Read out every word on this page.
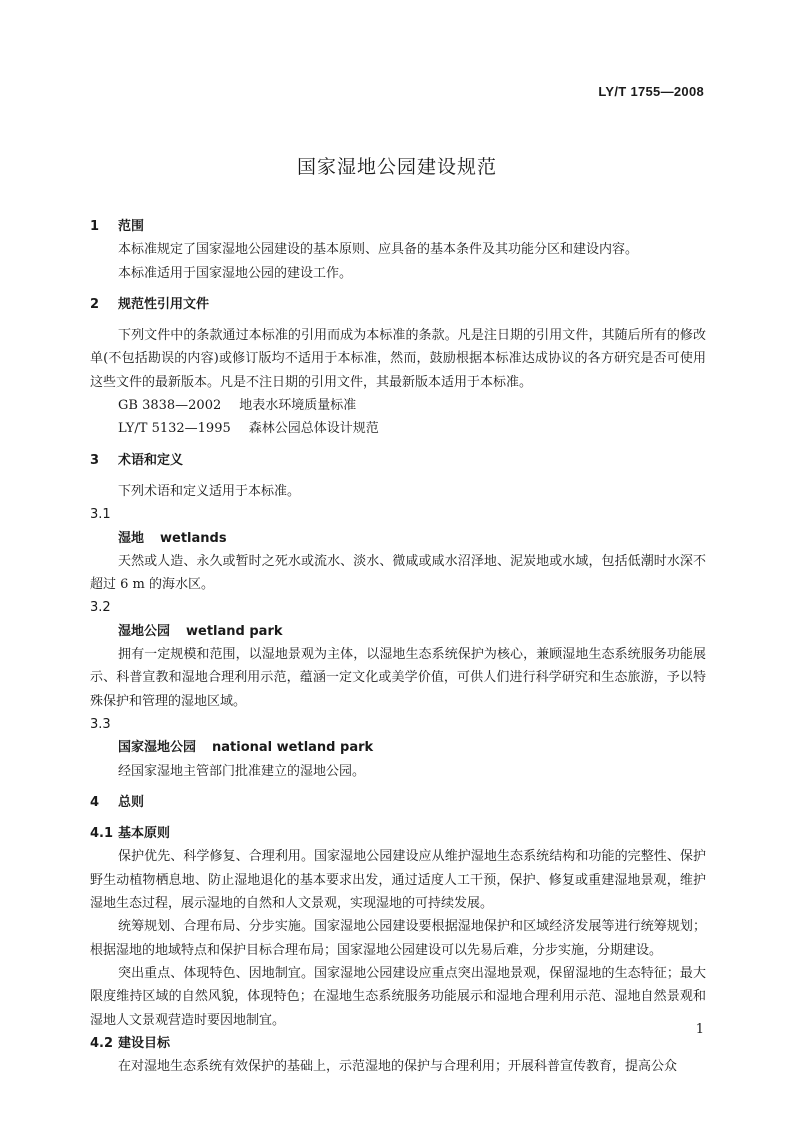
LY/T 1755—2008
国家湿地公园建设规范
1 范围

本标准规定了国家湿地公园建设的基本原则、应具备的基本条件及其功能分区和建设内容。

本标准适用于国家湿地公园的建设工作。

2 规范性引用文件

下列文件中的条款通过本标准的引用而成为本标准的条款。凡是注日期的引用文件，其随后所有的修改单(不包括勘误的内容)或修订版均不适用于本标准，然而，鼓励根据本标准达成协议的各方研究是否可使用这些文件的最新版本。凡是不注日期的引用文件，其最新版本适用于本标准。

GB 3838—2002 地表水环境质量标准
LY/T 5132—1995 森林公园总体设计规范
3 术语和定义

下列术语和定义适用于本标准。

3.1
湿地 wetlands

天然或人造、永久或暂时之死水或流水、淡水、微咸或咸水沼泽地、泥炭地或水域，包括低潮时水深不超过 6 m 的海水区。

3.2
湿地公园 wetland park

拥有一定规模和范围，以湿地景观为主体，以湿地生态系统保护为核心，兼顾湿地生态系统服务功能展示、科普宣教和湿地合理利用示范，蕴涵一定文化或美学价值，可供人们进行科学研究和生态旅游，予以特殊保护和管理的湿地区域。

3.3
国家湿地公园 national wetland park

经国家湿地主管部门批准建立的湿地公园。

4 总则
4.1 基本原则

保护优先、科学修复、合理利用。国家湿地公园建设应从维护湿地生态系统结构和功能的完整性、保护野生动植物栖息地、防止湿地退化的基本要求出发，通过适度人工干预，保护、修复或重建湿地景观，维护湿地生态过程，展示湿地的自然和人文景观，实现湿地的可持续发展。

统筹规划、合理布局、分步实施。国家湿地公园建设要根据湿地保护和区域经济发展等进行统筹规划；根据湿地的地域特点和保护目标合理布局；国家湿地公园建设可以先易后难，分步实施，分期建设。

突出重点、体现特色、因地制宜。国家湿地公园建设应重点突出湿地景观，保留湿地的生态特征；最大限度维持区域的自然风貌，体现特色；在湿地生态系统服务功能展示和湿地合理利用示范、湿地自然景观和湿地人文景观营造时要因地制宜。

4.2 建设目标

在对湿地生态系统有效保护的基础上，示范湿地的保护与合理利用；开展科普宣传教育，提高公众

1
